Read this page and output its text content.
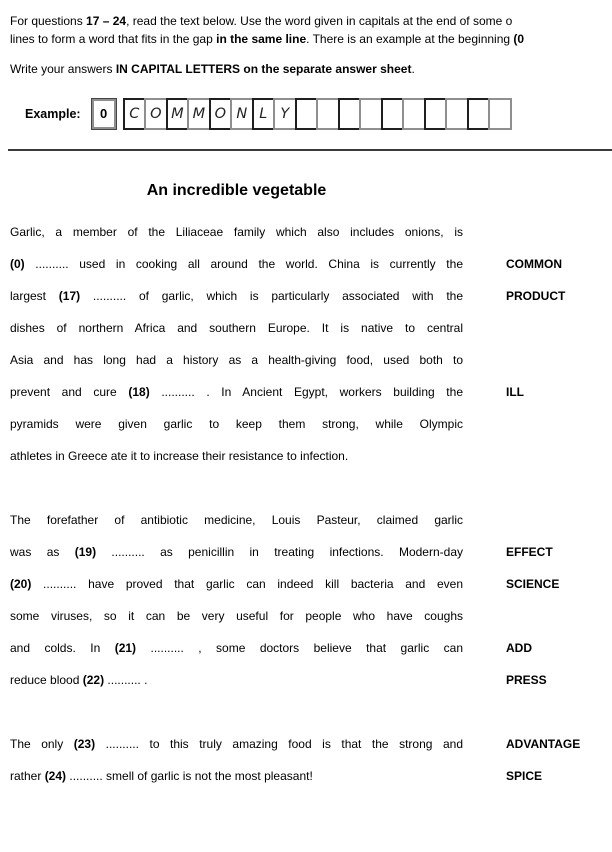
For questions 17 – 24, read the text below. Use the word given in capitals at the end of some o

lines to form a word that fits in the gap in the same line. There is an example at the beginning (0

Write your answers IN CAPITAL LETTERS on the separate answer sheet.

Example:	0	C O M M O N L Y
An incredible vegetable
Garlic, a member of the Liliaceae family which also includes onions, is
(0) .......... used in cooking all around the world. China is currently the	COMMON
largest (17) .......... of garlic, which is particularly associated with the	PRODUCT
dishes of northern Africa and southern Europe. It is native to central
Asia and has long had a history as a health-giving food, used both to
prevent and cure (18) .......... . In Ancient Egypt, workers building the	ILL
pyramids were given garlic to keep them strong, while Olympic
athletes in Greece ate it to increase their resistance to infection.
The forefather of antibiotic medicine, Louis Pasteur, claimed garlic
was as (19) .......... as penicillin in treating infections. Modern-day	EFFECT
(20) .......... have proved that garlic can indeed kill bacteria and even	SCIENCE
some viruses, so it can be very useful for people who have coughs
and colds. In (21) .......... , some doctors believe that garlic can	ADD
reduce blood (22) .......... .	PRESS
The only (23) .......... to this truly amazing food is that the strong and	ADVANTAGE
rather (24) .......... smell of garlic is not the most pleasant!	SPICE
